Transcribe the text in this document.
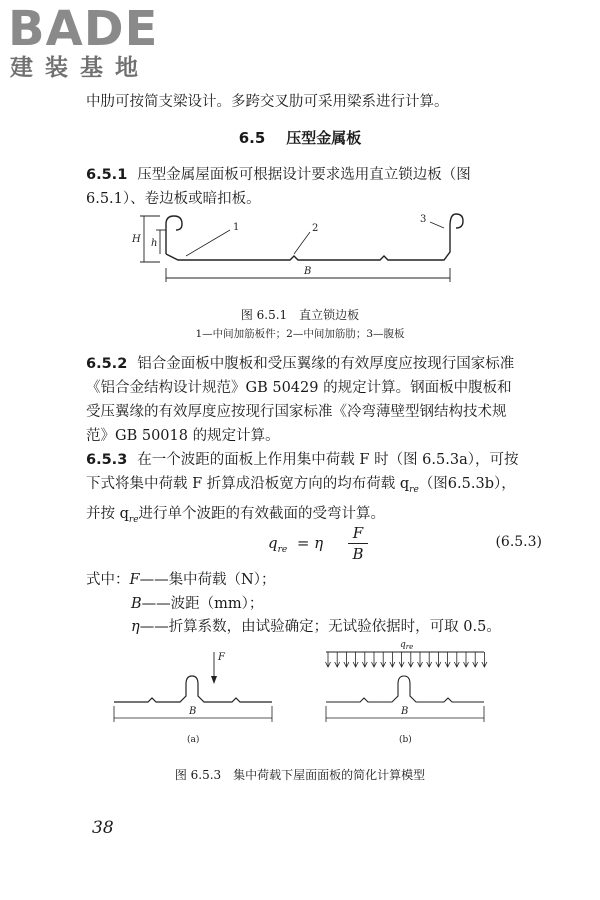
BADE
建装基地

中肋可按简支梁设计。多跨交叉肋可采用梁系进行计算。

6.5 压型金属板

6.5.1 压型金属屋面板可根据设计要求选用直立锁边板（图6.5.1）、卷边板或暗扣板。

H h
B
1	2
3
图 6.5.1　直立锁边板
1—中间加筋板件；2—中间加筋肋；3—腹板

6.5.2 铝合金面板中腹板和受压翼缘的有效厚度应按现行国家标准《铝合金结构设计规范》GB 50429 的规定计算。钢面板中腹板和受压翼缘的有效厚度应按现行国家标准《冷弯薄壁型钢结构技术规范》GB 50018 的规定计算。

6.5.3 在一个波距的面板上作用集中荷载 F 时（图 6.5.3a），可按下式将集中荷载 F 折算成沿板宽方向的均布荷载 $q_{re}$（图6.5.3b），并按 $q_{re}$进行单个波距的有效截面的受弯计算。

$q_{re} = \eta$
F
B
(6.5.3)
式中：F——集中荷载（N）；
B——波距（mm）；
η——折算系数，由试验确定；无试验依据时，可取 0.5。
F
B
(a)
$q_{re}$
B
(b)
图 6.5.3　集中荷载下屋面面板的简化计算模型
38
